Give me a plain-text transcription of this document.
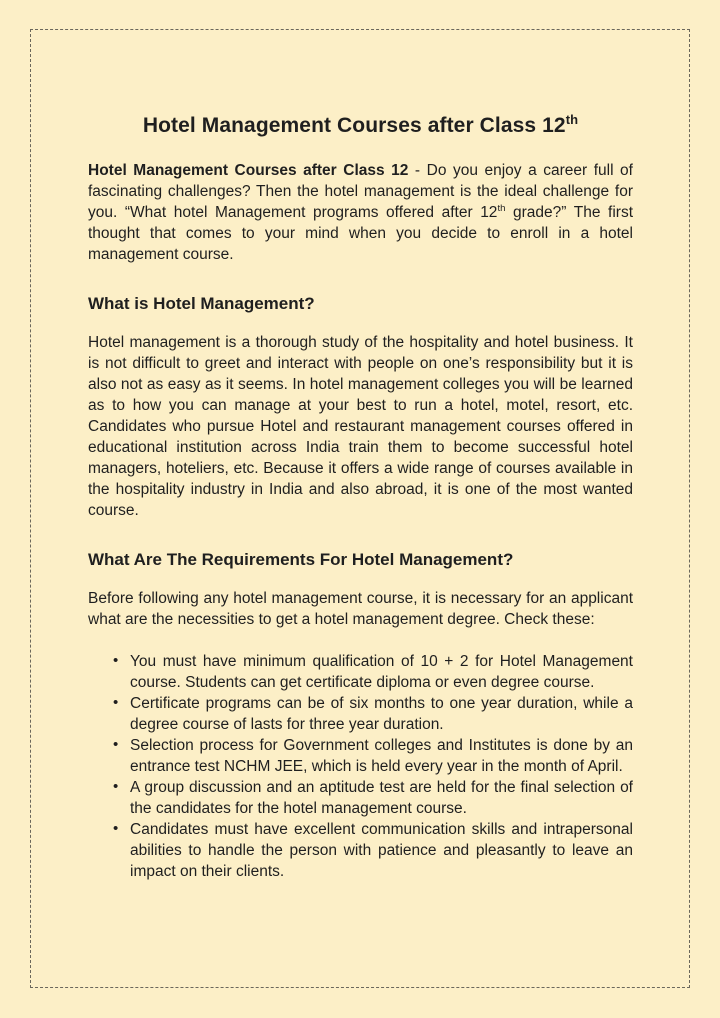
Hotel Management Courses after Class 12th

Hotel Management Courses after Class 12 - Do you enjoy a career full of fascinating challenges? Then the hotel management is the ideal challenge for you. “What hotel Management programs offered after 12th grade?” The first thought that comes to your mind when you decide to enroll in a hotel management course.

What is Hotel Management?

Hotel management is a thorough study of the hospitality and hotel business. It is not difficult to greet and interact with people on one’s responsibility but it is also not as easy as it seems. In hotel management colleges you will be learned as to how you can manage at your best to run a hotel, motel, resort, etc. Candidates who pursue Hotel and restaurant management courses offered in educational institution across India train them to become successful hotel managers, hoteliers, etc. Because it offers a wide range of courses available in the hospitality industry in India and also abroad, it is one of the most wanted course.

What Are The Requirements For Hotel Management?

Before following any hotel management course, it is necessary for an applicant what are the necessities to get a hotel management degree. Check these:

• You must have minimum qualification of 10 + 2 for Hotel Management course. Students can get certificate diploma or even degree course.
• Certificate programs can be of six months to one year duration, while a degree course of lasts for three year duration.
• Selection process for Government colleges and Institutes is done by an entrance test NCHM JEE, which is held every year in the month of April.
• A group discussion and an aptitude test are held for the final selection of the candidates for the hotel management course.
• Candidates must have excellent communication skills and intrapersonal abilities to handle the person with patience and pleasantly to leave an impact on their clients.
